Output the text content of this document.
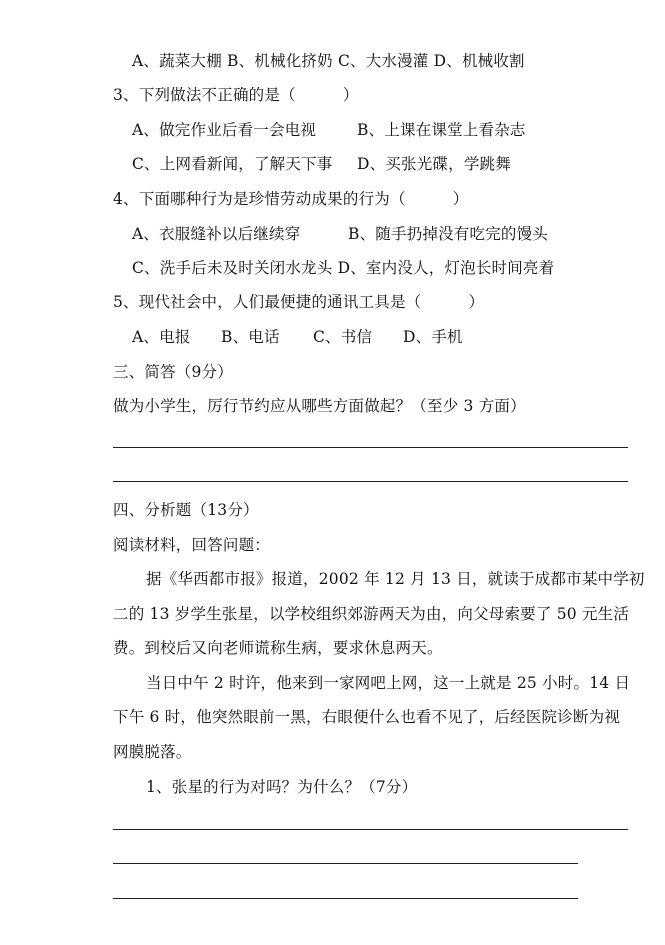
A、蔬菜大棚 B、机械化挤奶 C、大水漫灌 D、机械收割
3、下列做法不正确的是（　　　）
A、做完作业后看一会电视	B、上课在课堂上看杂志
C、上网看新闻，了解天下事 D、买张光碟，学跳舞
4、下面哪种行为是珍惜劳动成果的行为（　　　）
A、衣服缝补以后继续穿	B、随手扔掉没有吃完的馒头
C、洗手后未及时关闭水龙头 D、室内没人，灯泡长时间亮着
5、现代社会中，人们最便捷的通讯工具是（　　　）
A、电报 B、电话 C、书信 D、手机
三、简答（9分）
做为小学生，厉行节约应从哪些方面做起？（至少 3 方面）
四、分析题（13分）
阅读材料，回答问题：
据《华西都市报》报道，2002 年 12 月 13 日，就读于成都市某中学初
二的 13 岁学生张星，以学校组织郊游两天为由，向父母索要了 50 元生活
费。到校后又向老师谎称生病，要求休息两天。
当日中午 2 时许，他来到一家网吧上网，这一上就是 25 小时。14 日
下午 6 时，他突然眼前一黑，右眼便什么也看不见了，后经医院诊断为视
网膜脱落。
1、张星的行为对吗？为什么？（7分）
